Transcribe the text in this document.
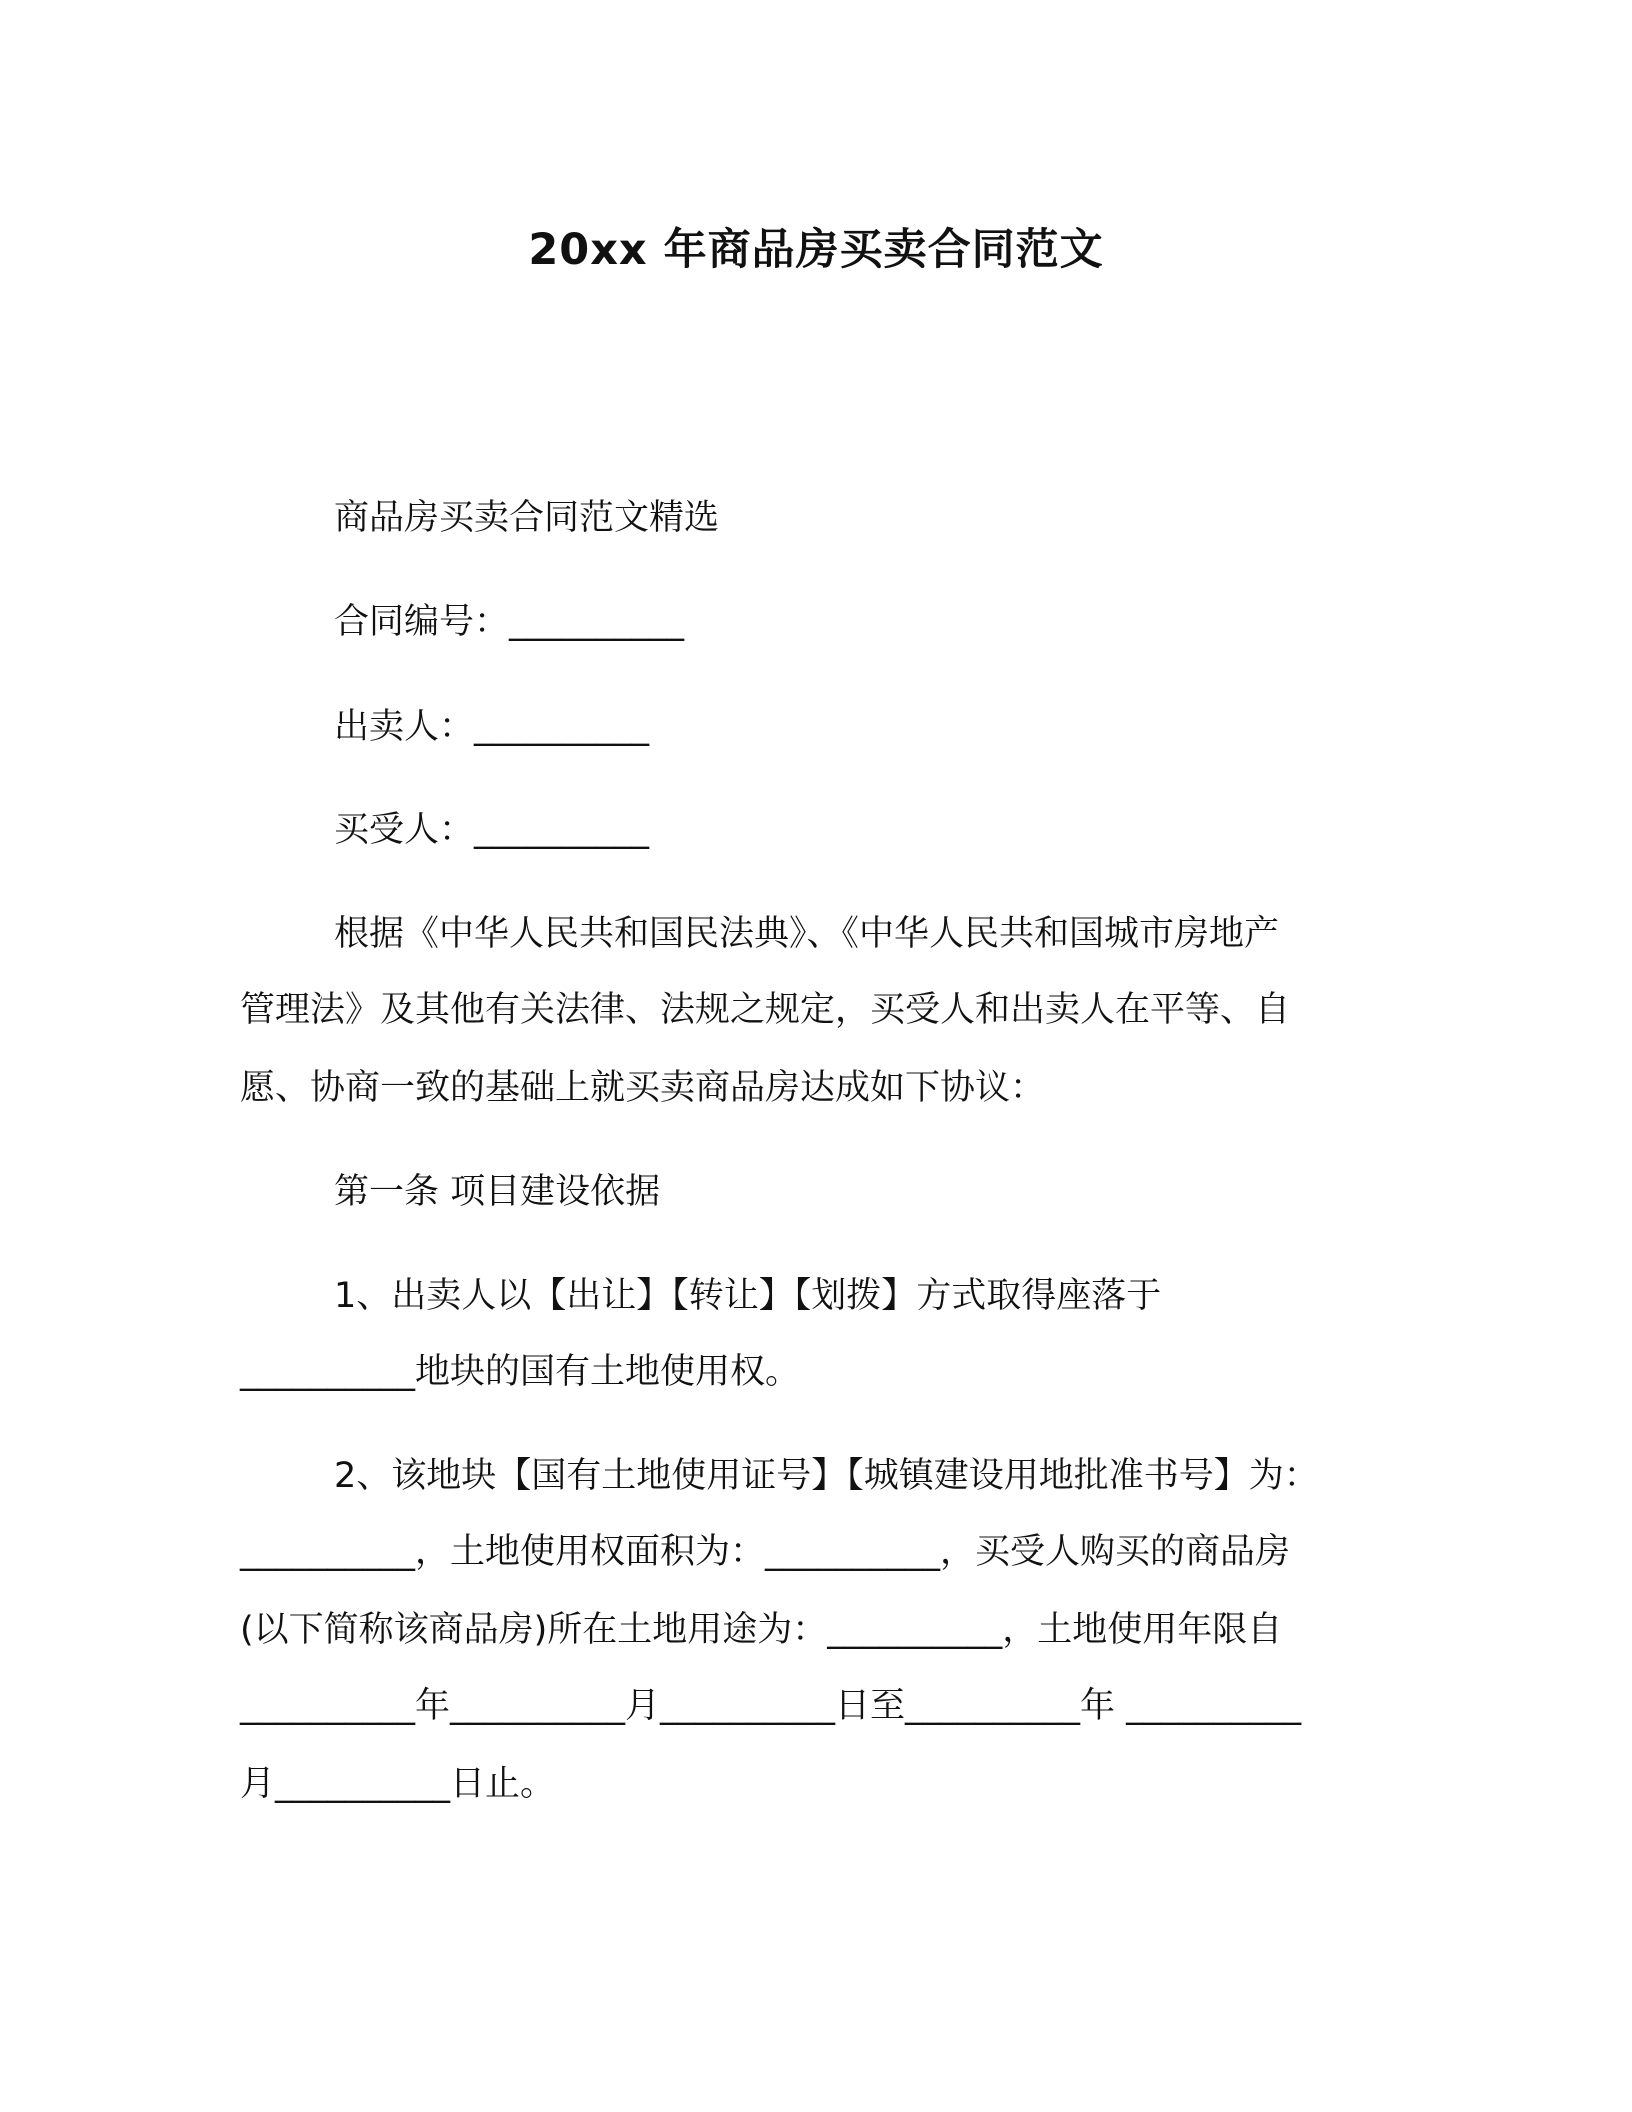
20xx 年商品房买卖合同范文
商品房买卖合同范文精选
合同编号：__________
出卖人：__________
买受人：__________
根据《中华人民共和国民法典》、《中华人民共和国城市房地产
管理法》及其他有关法律、法规之规定，买受人和出卖人在平等、自
愿、协商一致的基础上就买卖商品房达成如下协议：
第一条 项目建设依据
1、出卖人以【出让】【转让】【划拨】方式取得座落于
__________地块的国有土地使用权。
2、该地块【国有土地使用证号】【城镇建设用地批准书号】为：
__________，土地使用权面积为：__________，买受人购买的商品房
(以下简称该商品房)所在土地用途为：__________，土地使用年限自
__________年__________月__________日至__________年 __________
月__________日止。
